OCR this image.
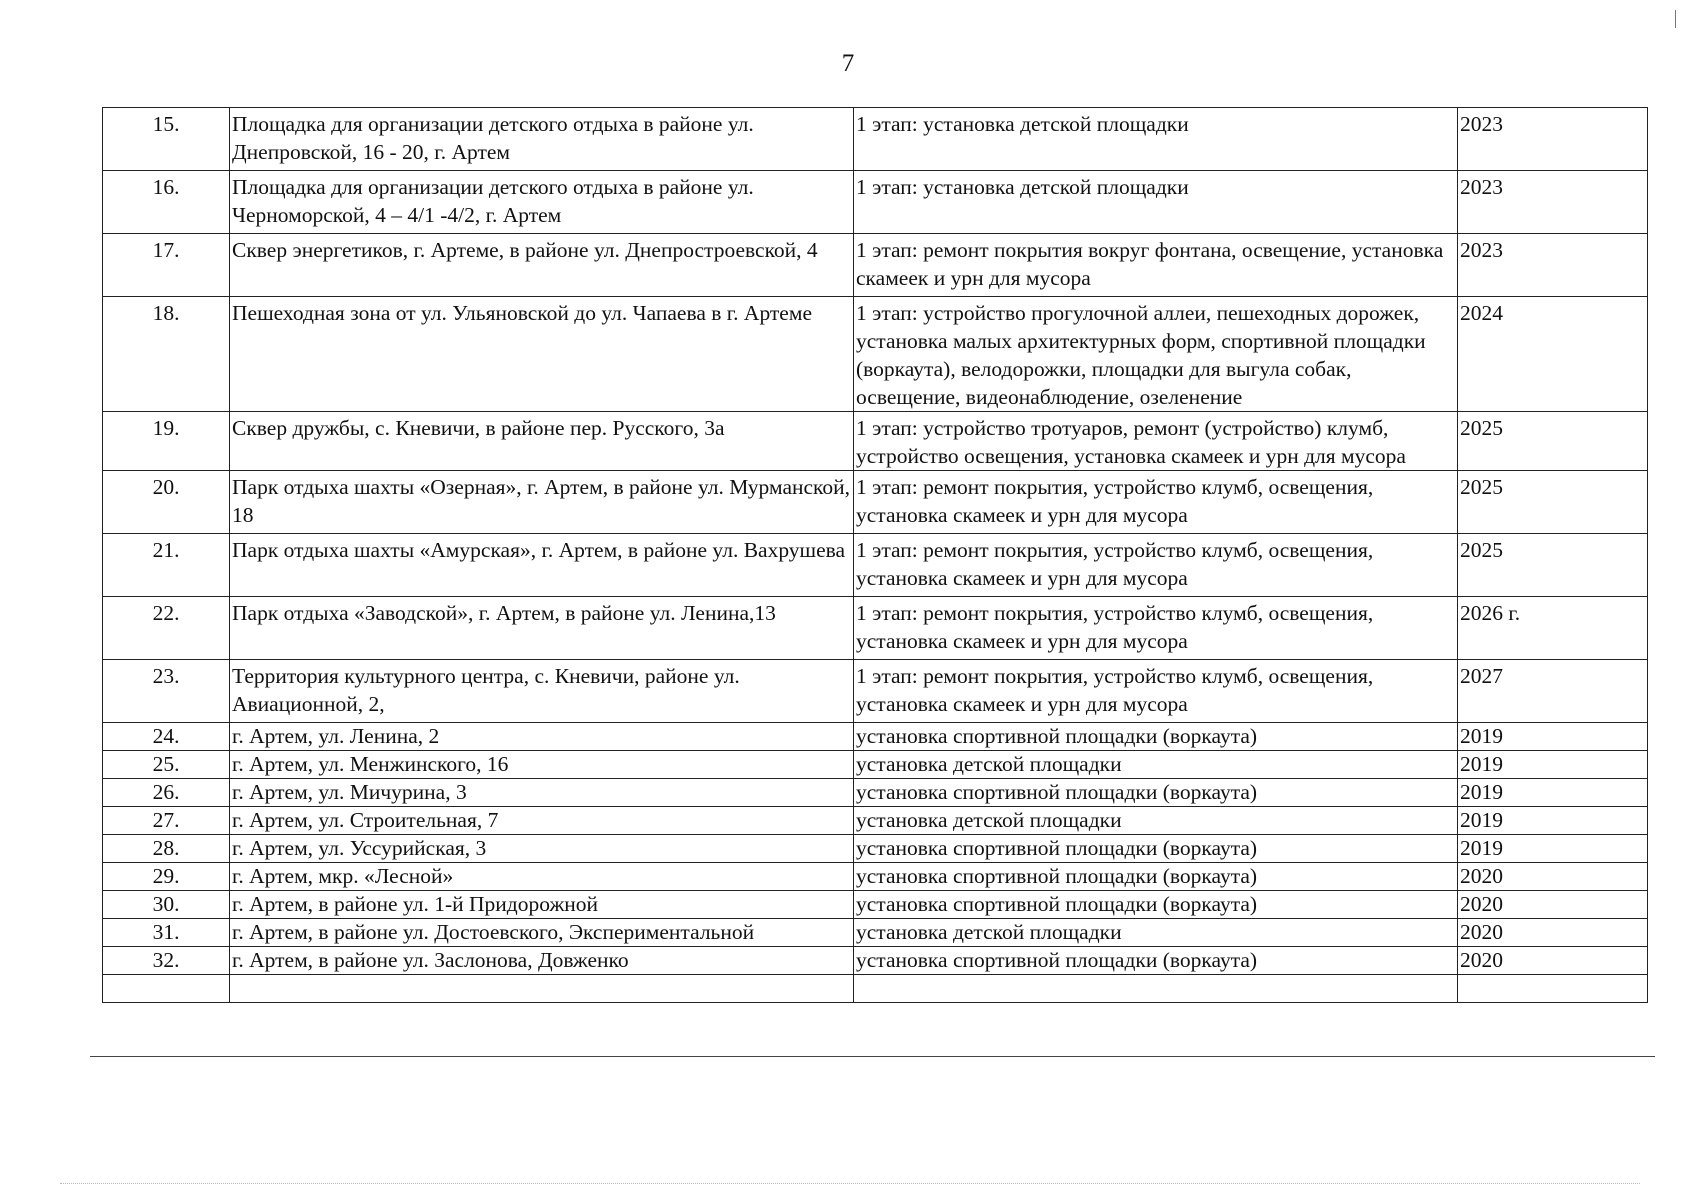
7
15.	Площадка для организации детского отдыха в районе ул. Днепровской, 16 - 20, г. Артем	1 этап: установка детской площадки	2023
16.	Площадка для организации детского отдыха в районе ул. Черноморской, 4 – 4/1 -4/2, г. Артем	1 этап: установка детской площадки	2023
17.	Сквер энергетиков, г. Артеме, в районе ул. Днепростроевской, 4	1 этап: ремонт покрытия вокруг фонтана, освещение, установка скамеек и урн для мусора	2023
18.	Пешеходная зона от ул. Ульяновской до ул. Чапаева в г. Артеме	1 этап: устройство прогулочной аллеи, пешеходных дорожек, установка малых архитектурных форм, спортивной площадки (воркаута), велодорожки, площадки для выгула собак, освещение, видеонаблюдение, озеленение	2024
19.	Сквер дружбы, с. Кневичи, в районе пер. Русского, 3а	1 этап: устройство тротуаров, ремонт (устройство) клумб, устройство освещения, установка скамеек и урн для мусора	2025
20.	Парк отдыха шахты «Озерная», г. Артем, в районе ул. Мурманской, 18	1 этап: ремонт покрытия, устройство клумб, освещения, установка скамеек и урн для мусора	2025
21.	Парк отдыха шахты «Амурская», г. Артем, в районе ул. Вахрушева	1 этап: ремонт покрытия, устройство клумб, освещения, установка скамеек и урн для мусора	2025
22.	Парк отдыха «Заводской», г. Артем, в районе ул. Ленина,13	1 этап: ремонт покрытия, устройство клумб, освещения, установка скамеек и урн для мусора	2026 г.
23.	Территория культурного центра, с. Кневичи, районе ул. Авиационной, 2,	1 этап: ремонт покрытия, устройство клумб, освещения, установка скамеек и урн для мусора	2027
24.	г. Артем, ул. Ленина, 2	установка спортивной площадки (воркаута)	2019
25.	г. Артем, ул. Менжинского, 16	установка детской площадки	2019
26.	г. Артем, ул. Мичурина, 3	установка спортивной площадки (воркаута)	2019
27.	г. Артем, ул. Строительная, 7	установка детской площадки	2019
28.	г. Артем, ул. Уссурийская, 3	установка спортивной площадки (воркаута)	2019
29.	г. Артем, мкр. «Лесной»	установка спортивной площадки (воркаута)	2020
30.	г. Артем, в районе ул. 1-й Придорожной	установка спортивной площадки (воркаута)	2020
31.	г. Артем, в районе ул. Достоевского, Экспериментальной	установка детской площадки	2020
32.	г. Артем, в районе ул. Заслонова, Довженко	установка спортивной площадки (воркаута)	2020
